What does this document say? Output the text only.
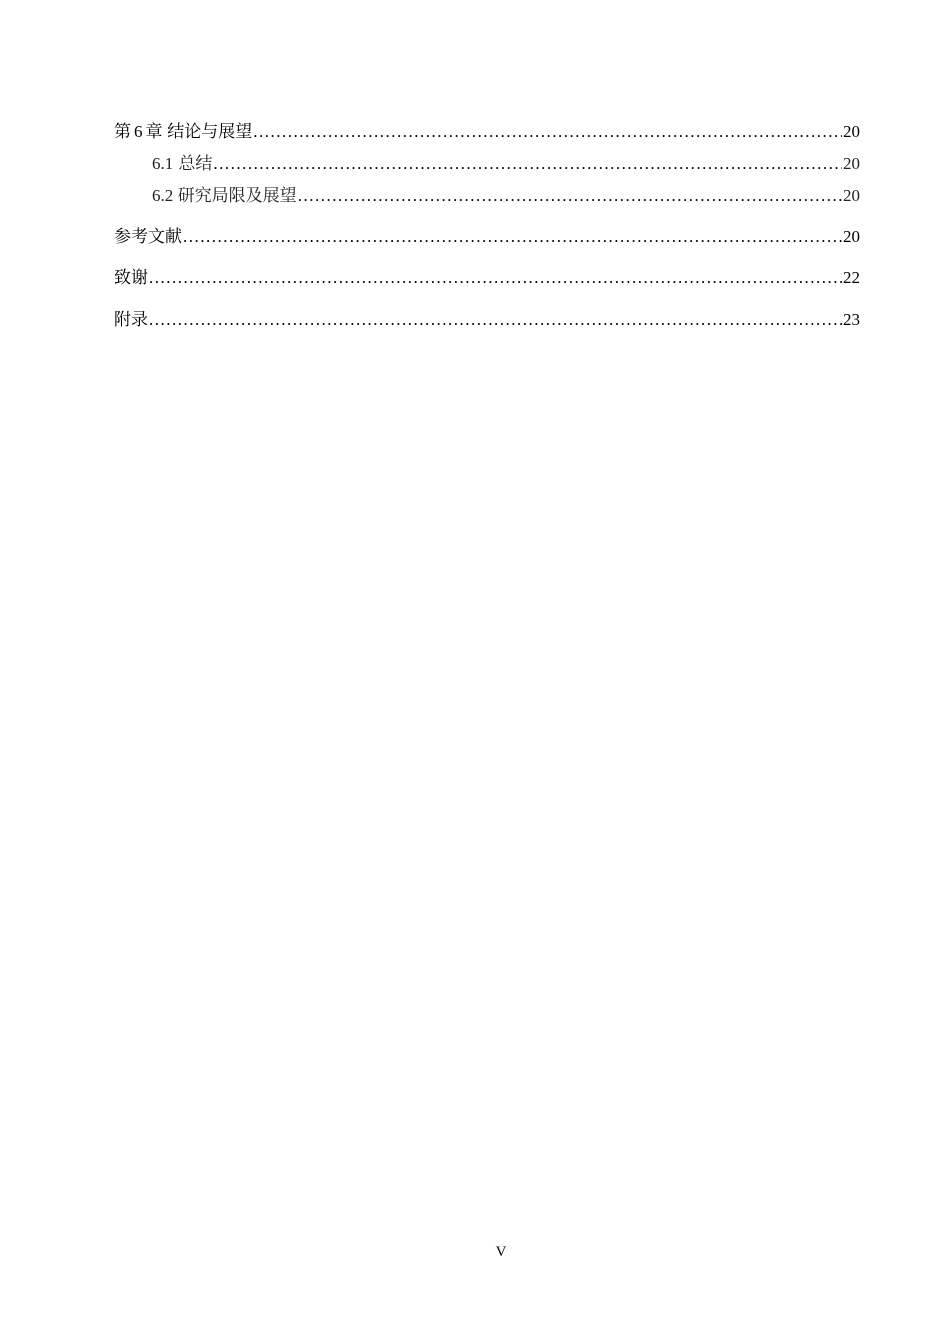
第 6 章 结论与展望 .....	20
6.1 总结 .....	20
6.2 研究局限及展望 .....	20
参考文献 .....	20
致谢 .....	22
附录 .....	23
V
